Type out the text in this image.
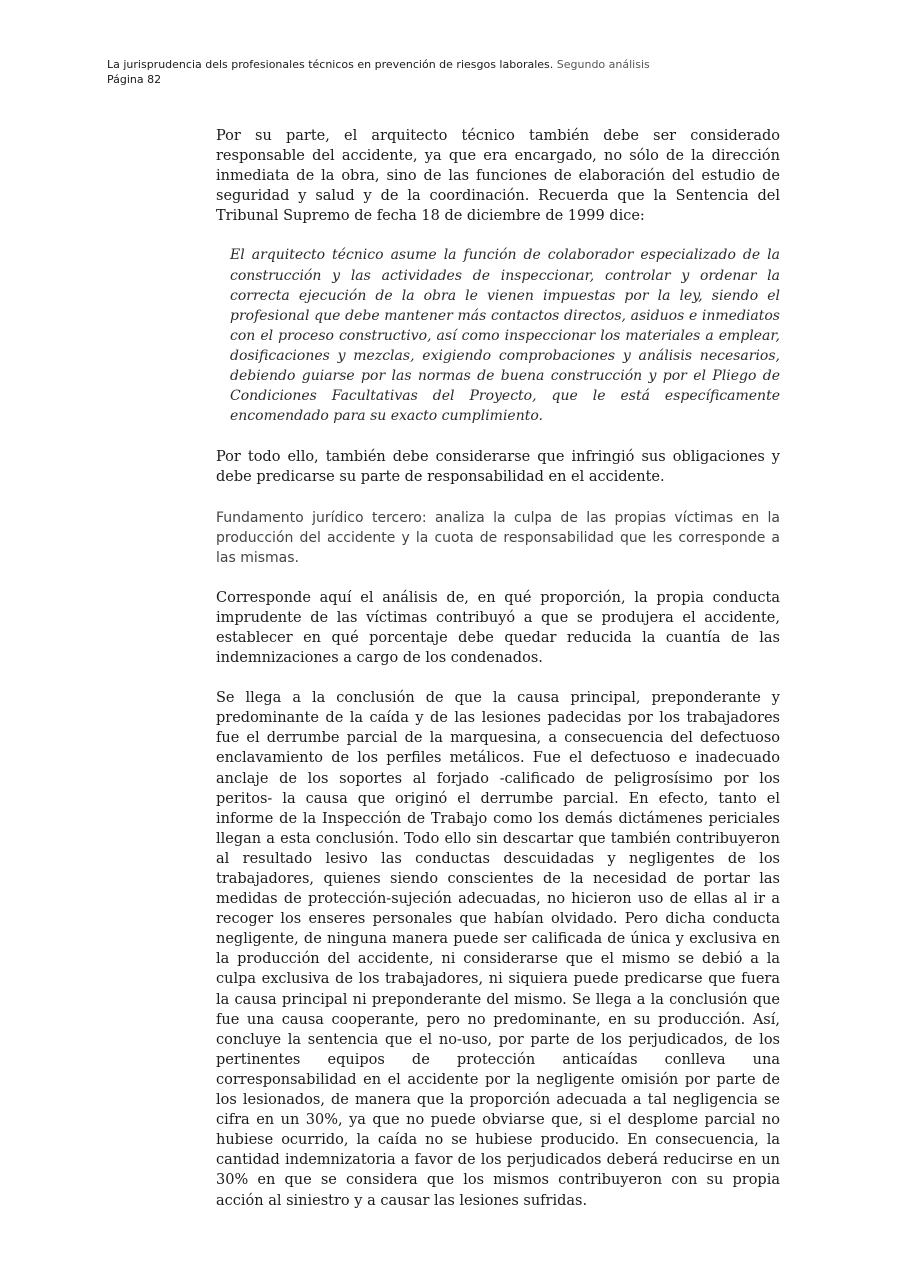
La jurisprudencia dels profesionales técnicos en prevención de riesgos laborales. Segundo análisis
Página 82

Por su parte, el arquitecto técnico también debe ser considerado responsable del accidente, ya que era encargado, no sólo de la dirección inmediata de la obra, sino de las funciones de elaboración del estudio de seguridad y salud y de la coordinación. Recuerda que la Sentencia del Tribunal Supremo de fecha 18 de diciembre de 1999 dice:

El arquitecto técnico asume la función de colaborador especializado de la construcción y las actividades de inspeccionar, controlar y ordenar la correcta ejecución de la obra le vienen impuestas por la ley, siendo el profesional que debe mantener más contactos directos, asiduos e inmediatos con el proceso constructivo, así como inspeccionar los materiales a emplear, dosificaciones y mezclas, exigiendo comprobaciones y análisis necesarios, debiendo guiarse por las normas de buena construcción y por el Pliego de Condiciones Facultativas del Proyecto, que le está específicamente encomendado para su exacto cumplimiento.

Por todo ello, también debe considerarse que infringió sus obligaciones y debe predicarse su parte de responsabilidad en el accidente.

Fundamento jurídico tercero: analiza la culpa de las propias víctimas en la producción del accidente y la cuota de responsabilidad que les corresponde a las mismas.

Corresponde aquí el análisis de, en qué proporción, la propia conducta imprudente de las víctimas contribuyó a que se produjera el accidente, establecer en qué porcentaje debe quedar reducida la cuantía de las indemnizaciones a cargo de los condenados.

Se llega a la conclusión de que la causa principal, preponderante y predominante de la caída y de las lesiones padecidas por los trabajadores fue el derrumbe parcial de la marquesina, a consecuencia del defectuoso enclavamiento de los perfiles metálicos. Fue el defectuoso e inadecuado anclaje de los soportes al forjado -calificado de peligrosísimo por los peritos- la causa que originó el derrumbe parcial. En efecto, tanto el informe de la Inspección de Trabajo como los demás dictámenes periciales llegan a esta conclusión. Todo ello sin descartar que también contribuyeron al resultado lesivo las conductas descuidadas y negligentes de los trabajadores, quienes siendo conscientes de la necesidad de portar las medidas de protección-sujeción adecuadas, no hicieron uso de ellas al ir a recoger los enseres personales que habían olvidado. Pero dicha conducta negligente, de ninguna manera puede ser calificada de única y exclusiva en la producción del accidente, ni considerarse que el mismo se debió a la culpa exclusiva de los trabajadores, ni siquiera puede predicarse que fuera la causa principal ni preponderante del mismo. Se llega a la conclusión que fue una causa cooperante, pero no predominante, en su producción. Así, concluye la sentencia que el no-uso, por parte de los perjudicados, de los pertinentes equipos de protección anticaídas conlleva una corresponsabilidad en el accidente por la negligente omisión por parte de los lesionados, de manera que la proporción adecuada a tal negligencia se cifra en un 30%, ya que no puede obviarse que, si el desplome parcial no hubiese ocurrido, la caída no se hubiese producido. En consecuencia, la cantidad indemnizatoria a favor de los perjudicados deberá reducirse en un 30% en que se considera que los mismos contribuyeron con su propia acción al siniestro y a causar las lesiones sufridas.
